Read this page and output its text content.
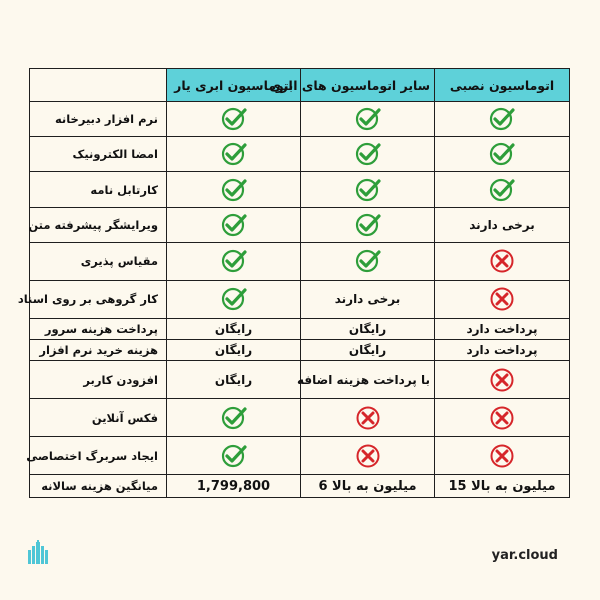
	اتوماسیون ابری یار	سایر اتوماسیون های ابری	اتوماسیون نصبی
نرم افزار دبیرخانه			
امضا الکترونیک			
کارتابل نامه			
ویرایشگر پیشرفته متن			برخی دارند
مقیاس پذیری			
کار گروهی بر روی اسناد		برخی دارند	
پرداخت هزینه سرور	رایگان	رایگان	پرداخت دارد
هزینه خرید نرم افزار	رایگان	رایگان	پرداخت دارد
افزودن کاربر	رایگان	با پرداخت هزینه اضافه	
فکس آنلاین			
ایجاد سربرگ اختصاصی			
میانگین هزینه سالانه	1,799,800	6 میلیون به بالا	15 میلیون به بالا
yar.cloud
